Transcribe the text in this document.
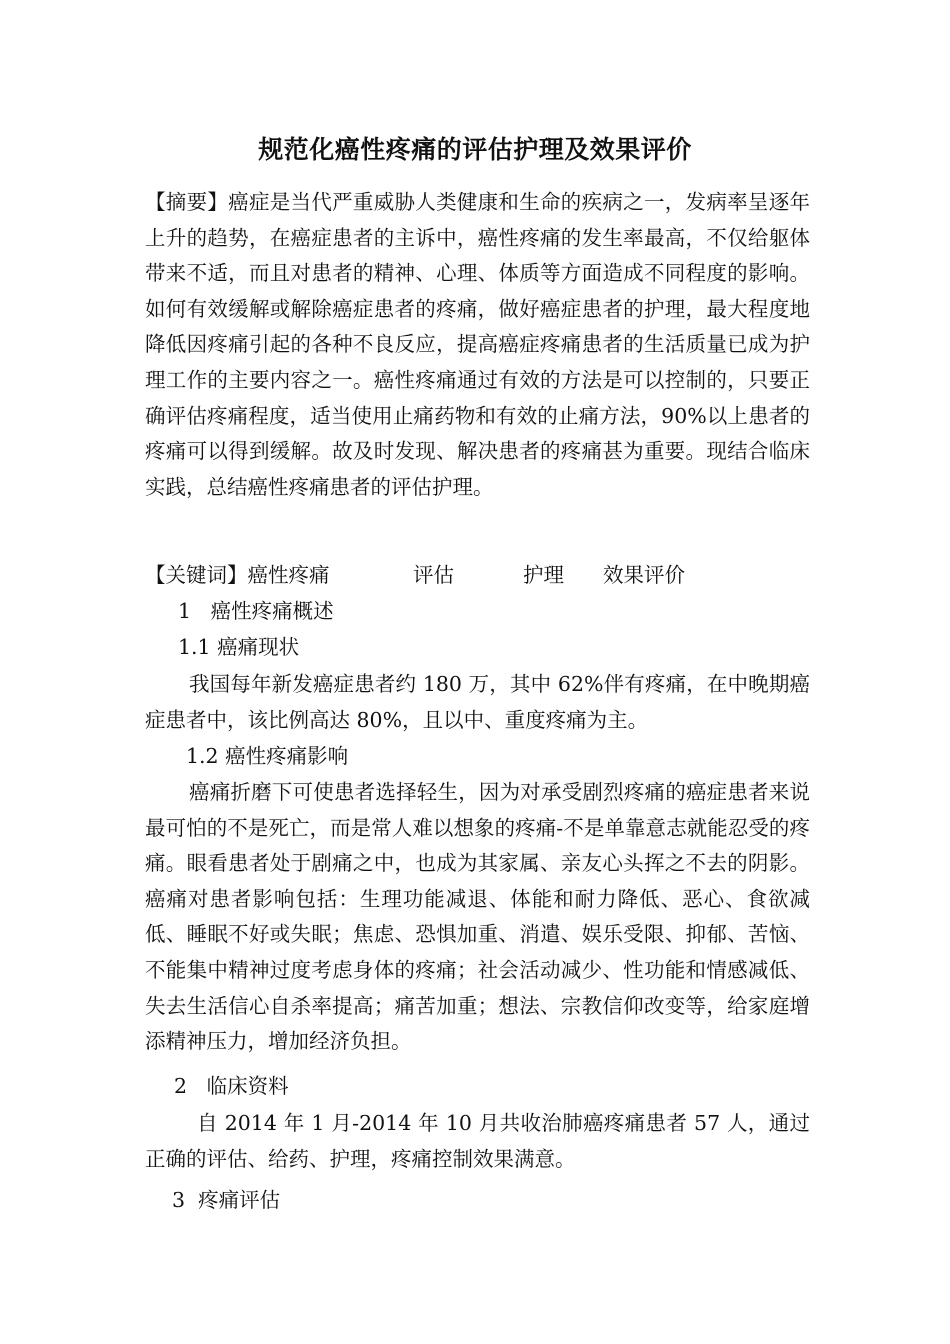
规范化癌性疼痛的评估护理及效果评价
【摘要】癌症是当代严重威胁人类健康和生命的疾病之一，发病率呈逐年上升的趋势，在癌症患者的主诉中，癌性疼痛的发生率最高，不仅给躯体带来不适，而且对患者的精神、心理、体质等方面造成不同程度的影响。如何有效缓解或解除癌症患者的疼痛，做好癌症患者的护理，最大程度地降低因疼痛引起的各种不良反应，提高癌症疼痛患者的生活质量已成为护理工作的主要内容之一。癌性疼痛通过有效的方法是可以控制的，只要正确评估疼痛程度，适当使用止痛药物和有效的止痛方法，90%以上患者的疼痛可以得到缓解。故及时发现、解决患者的疼痛甚为重要。现结合临床实践，总结癌性疼痛患者的评估护理。

【关键词】癌性疼痛

	评估

	护理

效果评价

1   癌性疼痛概述
1.1 癌痛现状
我国每年新发癌症患者约 180 万，其中 62%伴有疼痛，在中晚期癌症患者中，该比例高达 80%，且以中、重度疼痛为主。
1.2 癌性疼痛影响
癌痛折磨下可使患者选择轻生，因为对承受剧烈疼痛的癌症患者来说最可怕的不是死亡，而是常人难以想象的疼痛-不是单靠意志就能忍受的疼痛。眼看患者处于剧痛之中，也成为其家属、亲友心头挥之不去的阴影。癌痛对患者影响包括：生理功能减退、体能和耐力降低、恶心、食欲减低、睡眠不好或失眠；焦虑、恐惧加重、消遣、娱乐受限、抑郁、苦恼、不能集中精神过度考虑身体的疼痛；社会活动减少、性功能和情感减低、失去生活信心自杀率提高；痛苦加重；想法、宗教信仰改变等，给家庭增添精神压力，增加经济负担。
2   临床资料
自 2014 年 1 月-2014 年 10 月共收治肺癌疼痛患者 57 人，通过正确的评估、给药、护理，疼痛控制效果满意。
3  疼痛评估
